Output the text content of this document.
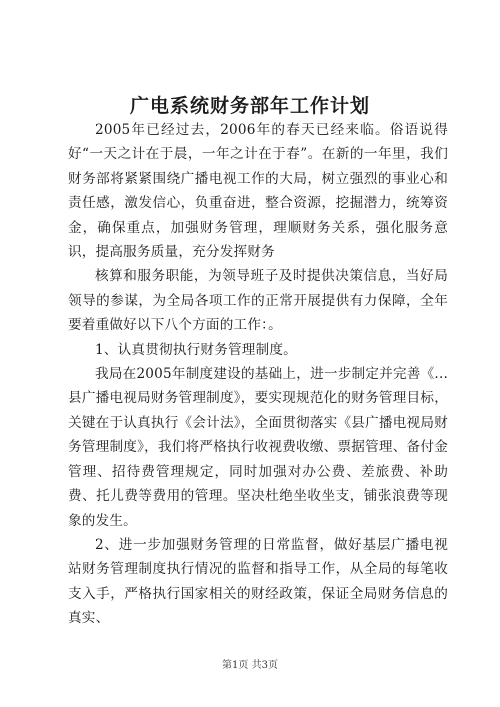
广电系统财务部年工作计划

2005年已经过去，2006年的春天已经来临。俗语说得好“一天之计在于晨，一年之计在于春”。在新的一年里，我们财务部将紧紧围绕广播电视工作的大局，树立强烈的事业心和责任感，激发信心，负重奋进，整合资源，挖掘潜力，统筹资金，确保重点，加强财务管理，理顺财务关系，强化服务意识，提高服务质量，充分发挥财务

核算和服务职能，为领导班子及时提供决策信息，当好局领导的参谋，为全局各项工作的正常开展提供有力保障，全年要着重做好以下八个方面的工作：。

1、认真贯彻执行财务管理制度。

我局在2005年制度建设的基础上，进一步制定并完善《...县广播电视局财务管理制度》，要实现规范化的财务管理目标，关键在于认真执行《会计法》，全面贯彻落实《县广播电视局财务管理制度》，我们将严格执行收视费收缴、票据管理、备付金管理、招待费管理规定，同时加强对办公费、差旅费、补助费、托儿费等费用的管理。坚决杜绝坐收坐支，铺张浪费等现象的发生。

2、进一步加强财务管理的日常监督，做好基层广播电视站财务管理制度执行情况的监督和指导工作，从全局的每笔收支入手，严格执行国家相关的财经政策，保证全局财务信息的真实、

第1页 共3页
